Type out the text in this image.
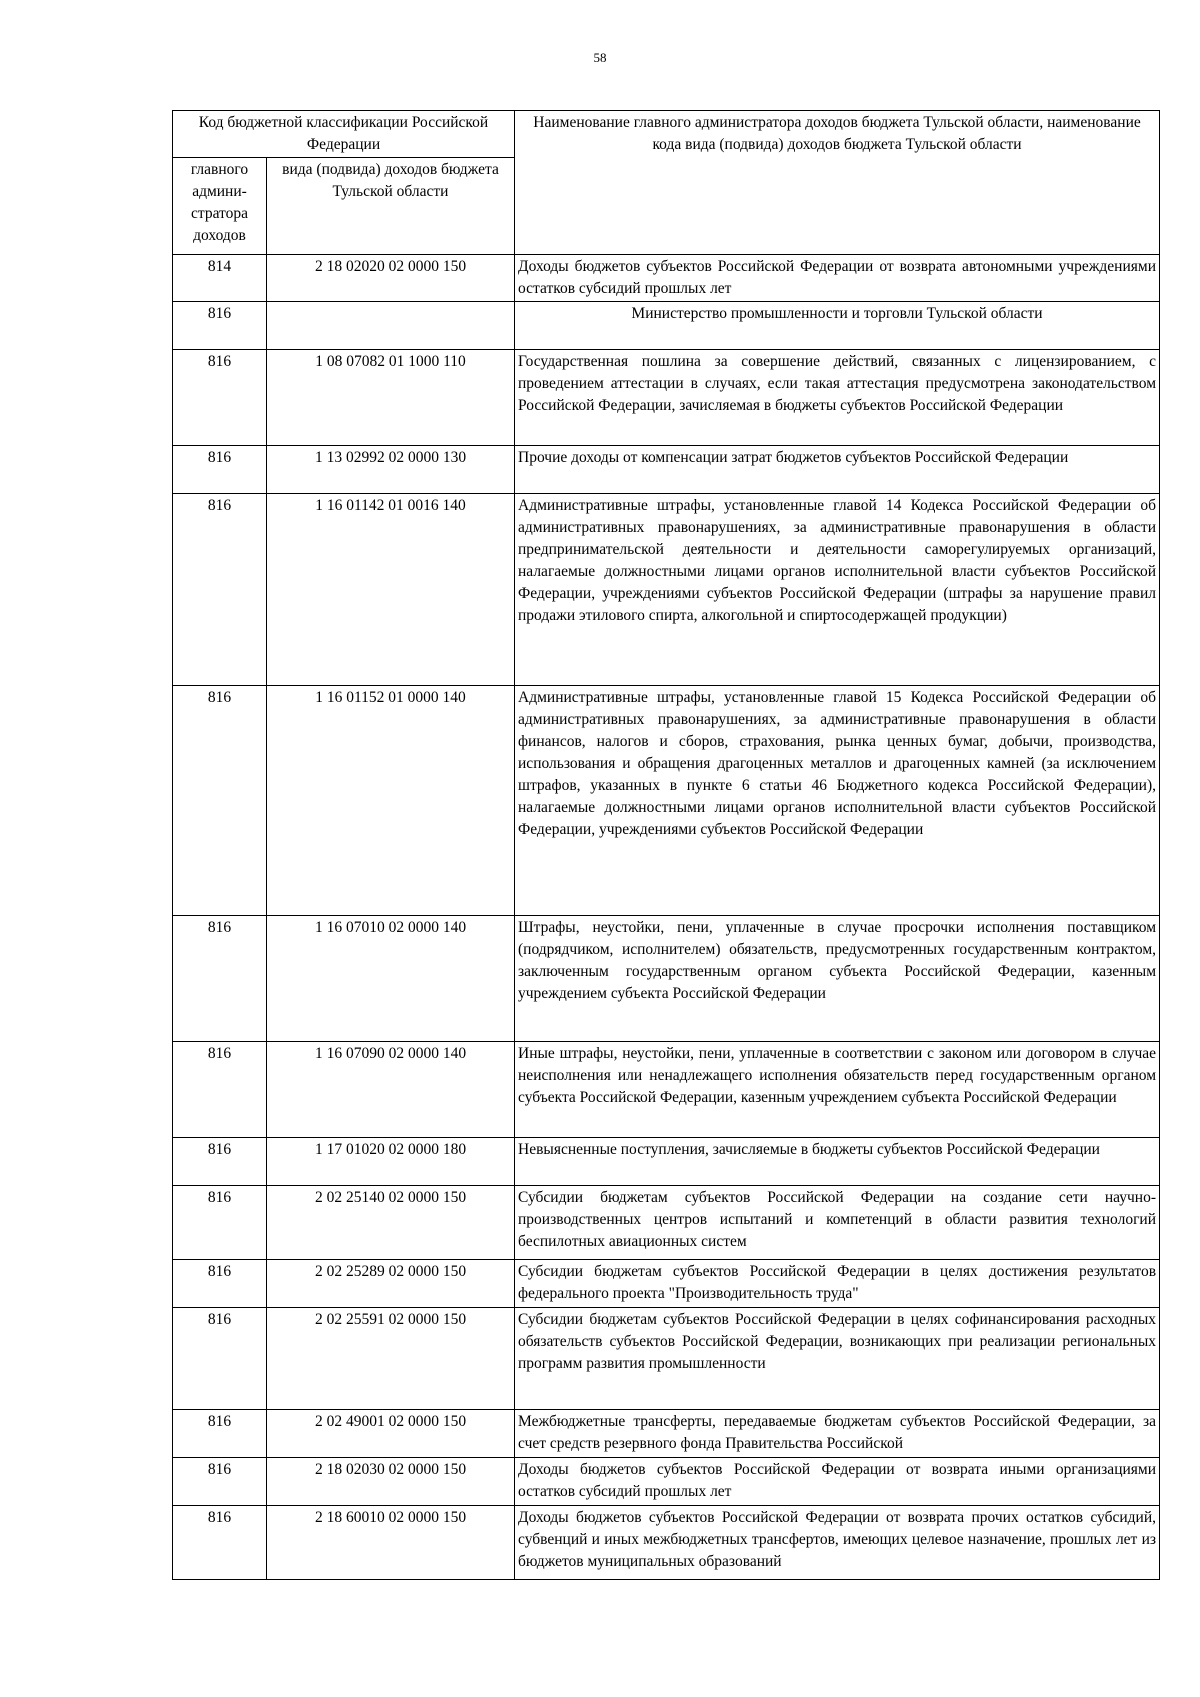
58
Код бюджетной классификации Российской Федерации		Наименование главного администратора доходов бюджета Тульской области, наименование кода вида (подвида) доходов бюджета Тульской области
главного админи-стратора доходов	вида (подвида) доходов бюджета Тульской области	
814	2 18 02020 02 0000 150	Доходы бюджетов субъектов Российской Федерации от возврата автономными учреждениями остатков субсидий прошлых лет
816		Министерство промышленности и торговли Тульской области
816	1 08 07082 01 1000 110	Государственная пошлина за совершение действий, связанных с лицензированием, с проведением аттестации в случаях, если такая аттестация предусмотрена законодательством Российской Федерации, зачисляемая в бюджеты субъектов Российской Федерации
816	1 13 02992 02 0000 130	Прочие доходы от компенсации затрат бюджетов субъектов Российской Федерации
816	1 16 01142 01 0016 140	Административные штрафы, установленные главой 14 Кодекса Российской Федерации об административных правонарушениях, за административные правонарушения в области предпринимательской деятельности и деятельности саморегулируемых организаций, налагаемые должностными лицами органов исполнительной власти субъектов Российской Федерации, учреждениями субъектов Российской Федерации (штрафы за нарушение правил продажи этилового спирта, алкогольной и спиртосодержащей продукции)
816	1 16 01152 01 0000 140	Административные штрафы, установленные главой 15 Кодекса Российской Федерации об административных правонарушениях, за административные правонарушения в области финансов, налогов и сборов, страхования, рынка ценных бумаг, добычи, производства, использования и обращения драгоценных металлов и драгоценных камней (за исключением штрафов, указанных в пункте 6 статьи 46 Бюджетного кодекса Российской Федерации), налагаемые должностными лицами органов исполнительной власти субъектов Российской Федерации, учреждениями субъектов Российской Федерации
816	1 16 07010 02 0000 140	Штрафы, неустойки, пени, уплаченные в случае просрочки исполнения поставщиком (подрядчиком, исполнителем) обязательств, предусмотренных государственным контрактом, заключенным государственным органом субъекта Российской Федерации, казенным учреждением субъекта Российской Федерации
816	1 16 07090 02 0000 140	Иные штрафы, неустойки, пени, уплаченные в соответствии с законом или договором в случае неисполнения или ненадлежащего исполнения обязательств перед государственным органом субъекта Российской Федерации, казенным учреждением субъекта Российской Федерации
816	1 17 01020 02 0000 180	Невыясненные поступления, зачисляемые в бюджеты субъектов Российской Федерации
816	2 02 25140 02 0000 150	Субсидии бюджетам субъектов Российской Федерации на создание сети научно-производственных центров испытаний и компетенций в области развития технологий беспилотных авиационных систем
816	2 02 25289 02 0000 150	Субсидии бюджетам субъектов Российской Федерации в целях достижения результатов федерального проекта "Производительность труда"
816	2 02 25591 02 0000 150	Субсидии бюджетам субъектов Российской Федерации в целях софинансирования расходных обязательств субъектов Российской Федерации, возникающих при реализации региональных программ развития промышленности
816	2 02 49001 02 0000 150	Межбюджетные трансферты, передаваемые бюджетам субъектов Российской Федерации, за счет средств резервного фонда Правительства Российской
816	2 18 02030 02 0000 150	Доходы бюджетов субъектов Российской Федерации от возврата иными организациями остатков субсидий прошлых лет
816	2 18 60010 02 0000 150	Доходы бюджетов субъектов Российской Федерации от возврата прочих остатков субсидий, субвенций и иных межбюджетных трансфертов, имеющих целевое назначение, прошлых лет из бюджетов муниципальных образований
